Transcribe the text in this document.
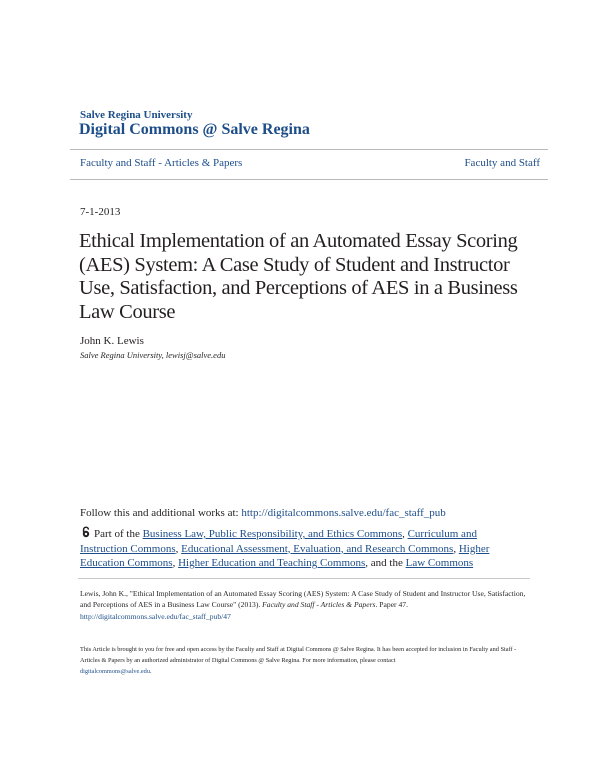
Salve Regina University
Digital Commons @ Salve Regina
Faculty and Staff - Articles & Papers	Faculty and Staff
7-1-2013
Ethical Implementation of an Automated Essay Scoring (AES) System: A Case Study of Student and Instructor Use, Satisfaction, and Perceptions of AES in a Business Law Course
John K. Lewis
Salve Regina University, lewisj@salve.edu
Follow this and additional works at: http://digitalcommons.salve.edu/fac_staff_pub
Part of the Business Law, Public Responsibility, and Ethics Commons, Curriculum and Instruction Commons, Educational Assessment, Evaluation, and Research Commons, Higher Education Commons, Higher Education and Teaching Commons, and the Law Commons
Lewis, John K., "Ethical Implementation of an Automated Essay Scoring (AES) System: A Case Study of Student and Instructor Use, Satisfaction, and Perceptions of AES in a Business Law Course" (2013). Faculty and Staff - Articles & Papers. Paper 47.
http://digitalcommons.salve.edu/fac_staff_pub/47
This Article is brought to you for free and open access by the Faculty and Staff at Digital Commons @ Salve Regina. It has been accepted for inclusion in Faculty and Staff - Articles & Papers by an authorized administrator of Digital Commons @ Salve Regina. For more information, please contact
digitalcommons@salve.edu.
